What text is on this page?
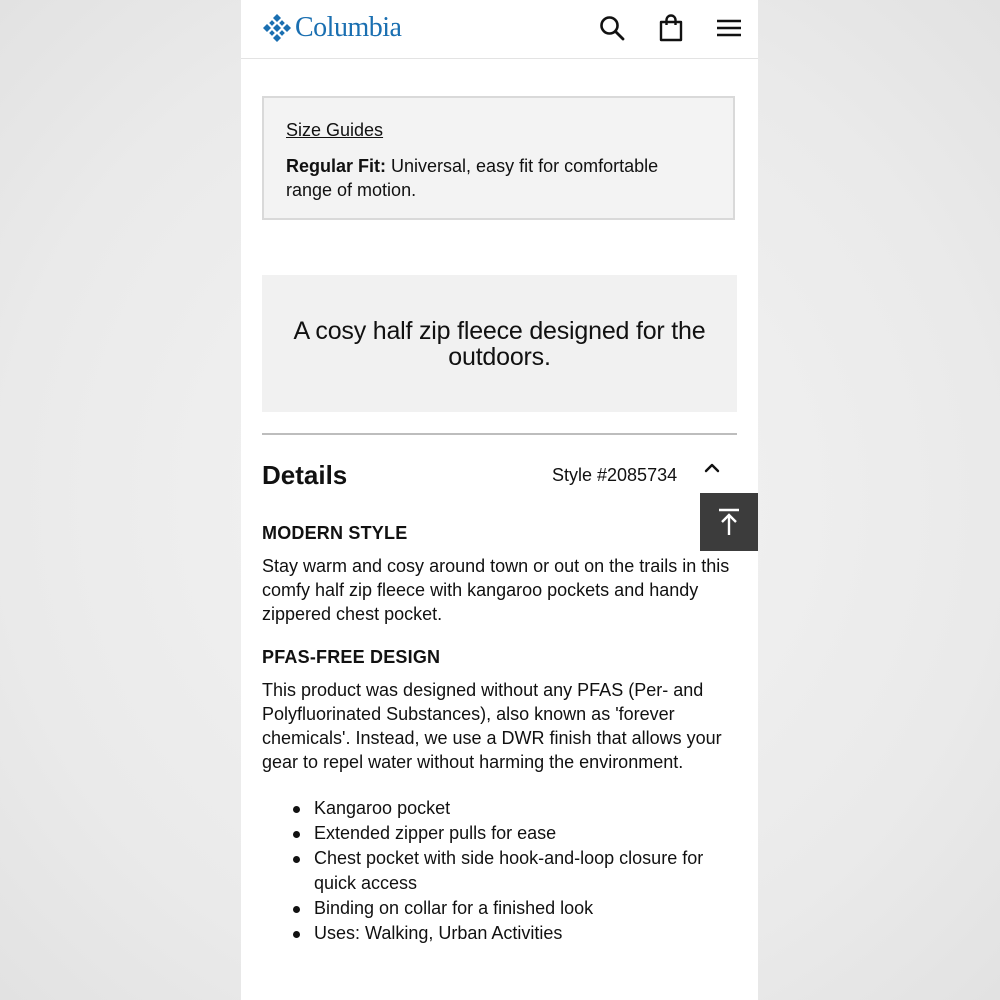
Columbia
Size Guides
Regular Fit: Universal, easy fit for comfortable range of motion.
A cosy half zip fleece designed for the outdoors.
Details	Style #2085734
MODERN STYLE

Stay warm and cosy around town or out on the trails in this comfy half zip fleece with kangaroo pockets and handy zippered chest pocket.

PFAS-FREE DESIGN

This product was designed without any PFAS (Per- and Polyfluorinated Substances), also known as 'forever chemicals'. Instead, we use a DWR finish that allows your gear to repel water without harming the environment.

Kangaroo pocket
Extended zipper pulls for ease
Chest pocket with side hook-and-loop closure for quick access
Binding on collar for a finished look
Uses: Walking, Urban Activities
